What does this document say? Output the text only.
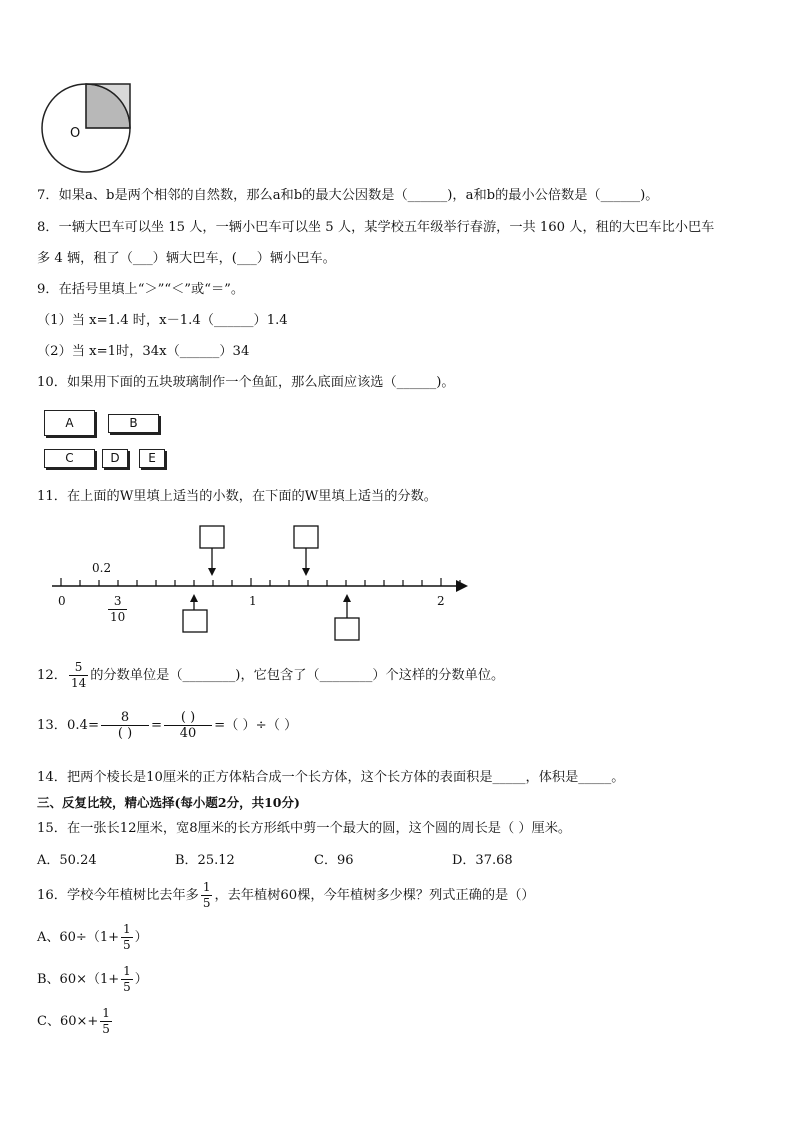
O
7．如果a、b是两个相邻的自然数，那么a和b的最大公因数是（______)，a和b的最小公倍数是（______)。
8．一辆大巴车可以坐 15 人，一辆小巴车可以坐 5 人，某学校五年级举行春游，一共 160 人，租的大巴车比小巴车
多 4 辆，租了（___）辆大巴车，(___）辆小巴车。
9．在括号里填上“＞”“＜”或“＝”。
（1）当 x=1.4 时，x－1.4（______）1.4
（2）当 x=1时，34x（______）34
10．如果用下面的五块玻璃制作一个鱼缸，那么底面应该选（______)。
A	B
C	D	E
11．在上面的W里填上适当的小数，在下面的W里填上适当的分数。
0.2
0	1	2
$\frac{3}{10}$
12． $\frac{5}{14}$ 的分数单位是（________)，它包含了（________）个这样的分数单位。
13．$0.4= \frac{8}{( )} = \frac{( )}{40}$ =（ ）÷（ ）
14．把两个棱长是10厘米的正方体粘合成一个长方体，这个长方体的表面积是_____，体积是_____。
三、反复比较，精心选择(每小题2分，共10分)
15．在一张长12厘米，宽8厘米的长方形纸中剪一个最大的圆，这个圆的周长是（ ）厘米。
A．50.24	B．25.12	C．96	D．37.68
16．学校今年植树比去年多 $\frac{1}{5}$ ，去年植树60棵，今年植树多少棵？列式正确的是（）
A、$60\div(1+ \frac{1}{5}$ ）
B、$60\times(1+ \frac{1}{5}$ ）
C、$60\times+ \frac{1}{5}$
